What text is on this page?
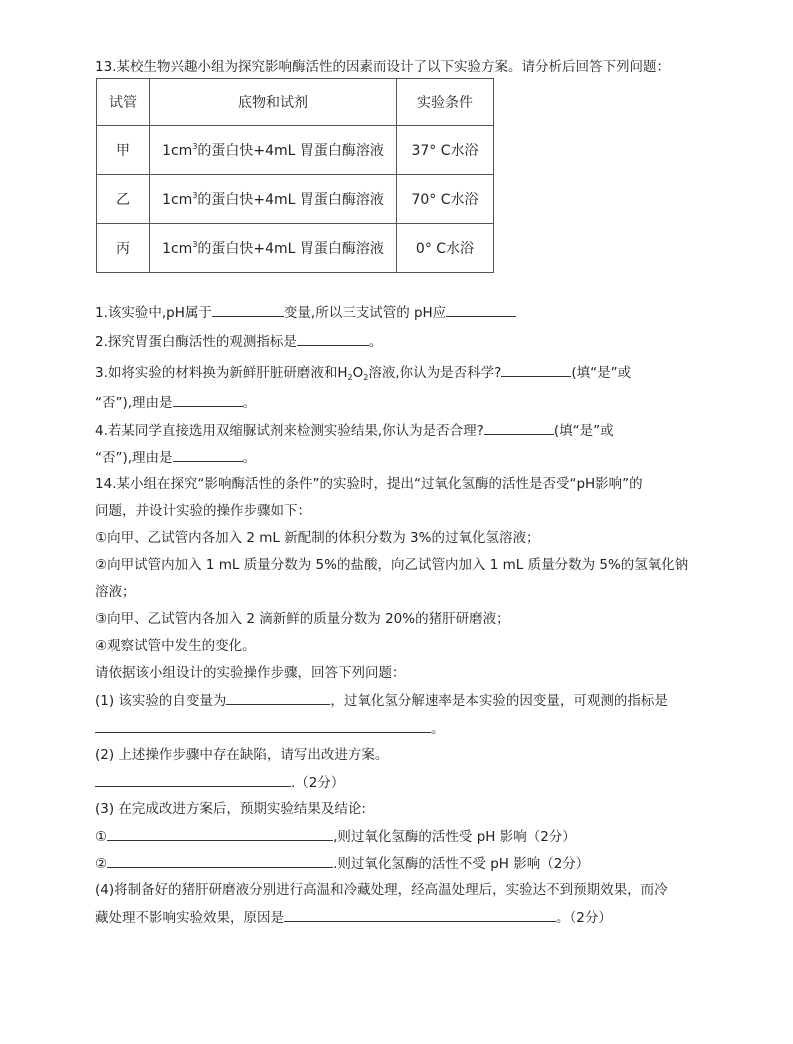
13.某校生物兴趣小组为探究影响酶活性的因素而设计了以下实验方案。请分析后回答下列问题：
试管	底物和试剂	实验条件
甲	$1cm^3$的蛋白快+4mL 胃蛋白酶溶液	37° C水浴
乙	$1cm^3$的蛋白快+4mL 胃蛋白酶溶液	70° C水浴
丙	$1cm^3$的蛋白快+4mL 胃蛋白酶溶液	0° C水浴
1.该实验中,pH属于	变量,所以三支试管的 pH应
2.探究胃蛋白酶活性的观测指标是	。
3.如将实验的材料换为新鲜肝脏研磨液和$H_2O_2$溶液,你认为是否科学?	(填“是”或
“否”),理由是	。
4.若某同学直接选用双缩脲试剂来检测实验结果,你认为是否合理?	(填“是”或
“否”),理由是	。
14.某小组在探究“影响酶活性的条件”的实验时，提出“过氧化氢酶的活性是否受“pH影响”的
问题，并设计实验的操作步骤如下：
①向甲、乙试管内各加入 2 mL 新配制的体积分数为 3%的过氧化氢溶液；
②向甲试管内加入 1 mL 质量分数为 5%的盐酸，向乙试管内加入 1 mL 质量分数为 5%的氢氧化钠
溶液；
③向甲、乙试管内各加入 2 滴新鲜的质量分数为 20%的猪肝研磨液；
④观察试管中发生的变化。
请依据该小组设计的实验操作步骤，回答下列问题：
(1) 该实验的自变量为	，过氧化氢分解速率是本实验的因变量，可观测的指标是
。
(2) 上述操作步骤中存在缺陷，请写出改进方案。
.（2分）
(3) 在完成改进方案后，预期实验结果及结论:
①	,则过氧化氢酶的活性受 pH 影响（2分）
②	.则过氧化氢酶的活性不受 pH 影响（2分）
(4)将制备好的猪肝研磨液分别进行高温和冷藏处理，经高温处理后，实验达不到预期效果，而冷
藏处理不影响实验效果，原因是	。（2分）
